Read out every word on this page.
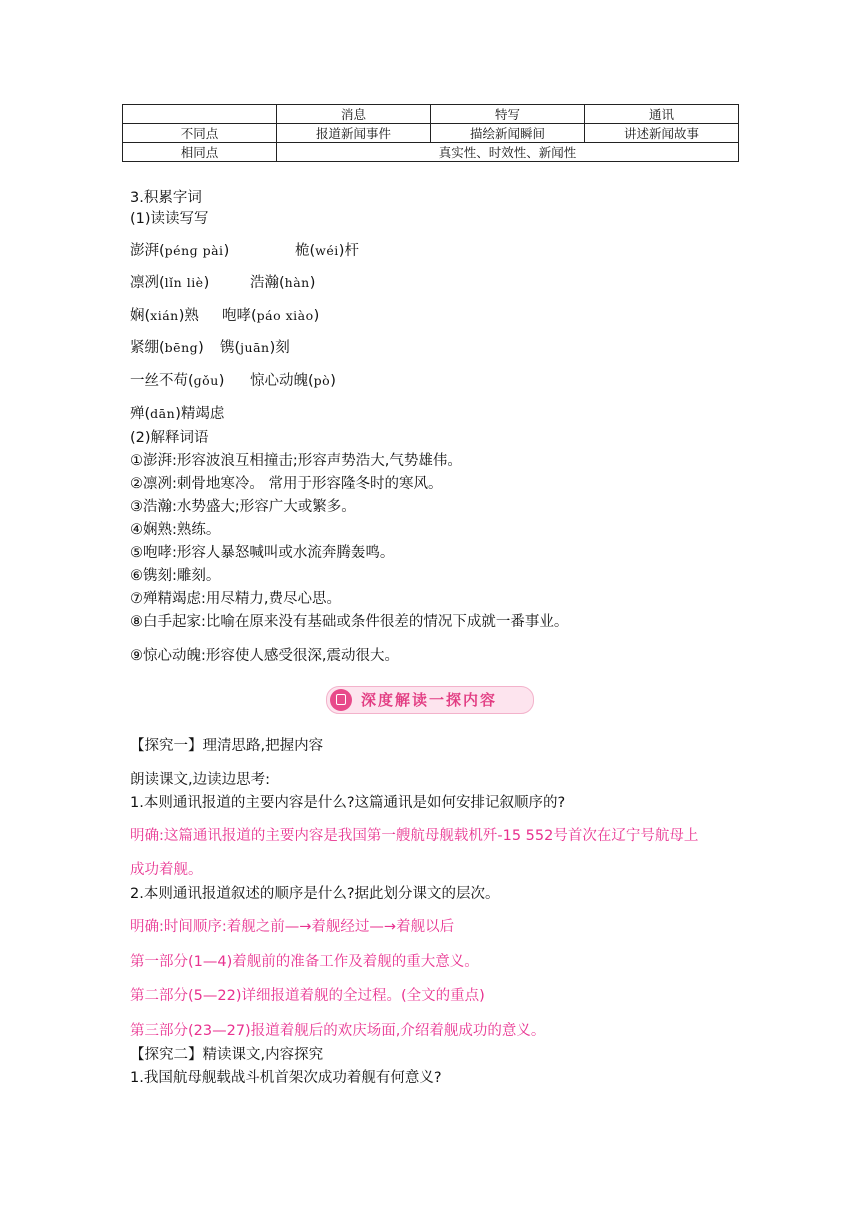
	消息	特写	通讯
不同点	报道新闻事件	描绘新闻瞬间	讲述新闻故事
相同点	真实性、时效性、新闻性		
3.积累字词
(1)读读写写
澎湃(pénɡ pài)	桅(wéi)杆
凛冽(lǐn liè)	浩瀚(hàn)
娴(xián)熟 咆哮(páo xiào)
紧绷(bēng) 镌(juān)刻
一丝不苟(ɡǒu) 惊心动魄(pò)
殚(dān)精竭虑
(2)解释词语
①澎湃:形容波浪互相撞击;形容声势浩大,气势雄伟。
②凛冽:刺骨地寒冷。 常用于形容隆冬时的寒风。
③浩瀚:水势盛大;形容广大或繁多。
④娴熟:熟练。
⑤咆哮:形容人暴怒喊叫或水流奔腾轰鸣。
⑥镌刻:雕刻。
⑦殚精竭虑:用尽精力,费尽心思。
⑧白手起家:比喻在原来没有基础或条件很差的情况下成就一番事业。
⑨惊心动魄:形容使人感受很深,震动很大。
深度解读一探内容
【探究一】理清思路,把握内容
朗读课文,边读边思考:
1.本则通讯报道的主要内容是什么?这篇通讯是如何安排记叙顺序的?
明确:这篇通讯报道的主要内容是我国第一艘航母舰载机歼-15 552号首次在辽宁号航母上
成功着舰。
2.本则通讯报道叙述的顺序是什么?据此划分课文的层次。
明确:时间顺序:着舰之前—→着舰经过—→着舰以后
第一部分(1—4)着舰前的准备工作及着舰的重大意义。
第二部分(5—22)详细报道着舰的全过程。(全文的重点)
第三部分(23—27)报道着舰后的欢庆场面,介绍着舰成功的意义。
【探究二】精读课文,内容探究
1.我国航母舰载战斗机首架次成功着舰有何意义?
